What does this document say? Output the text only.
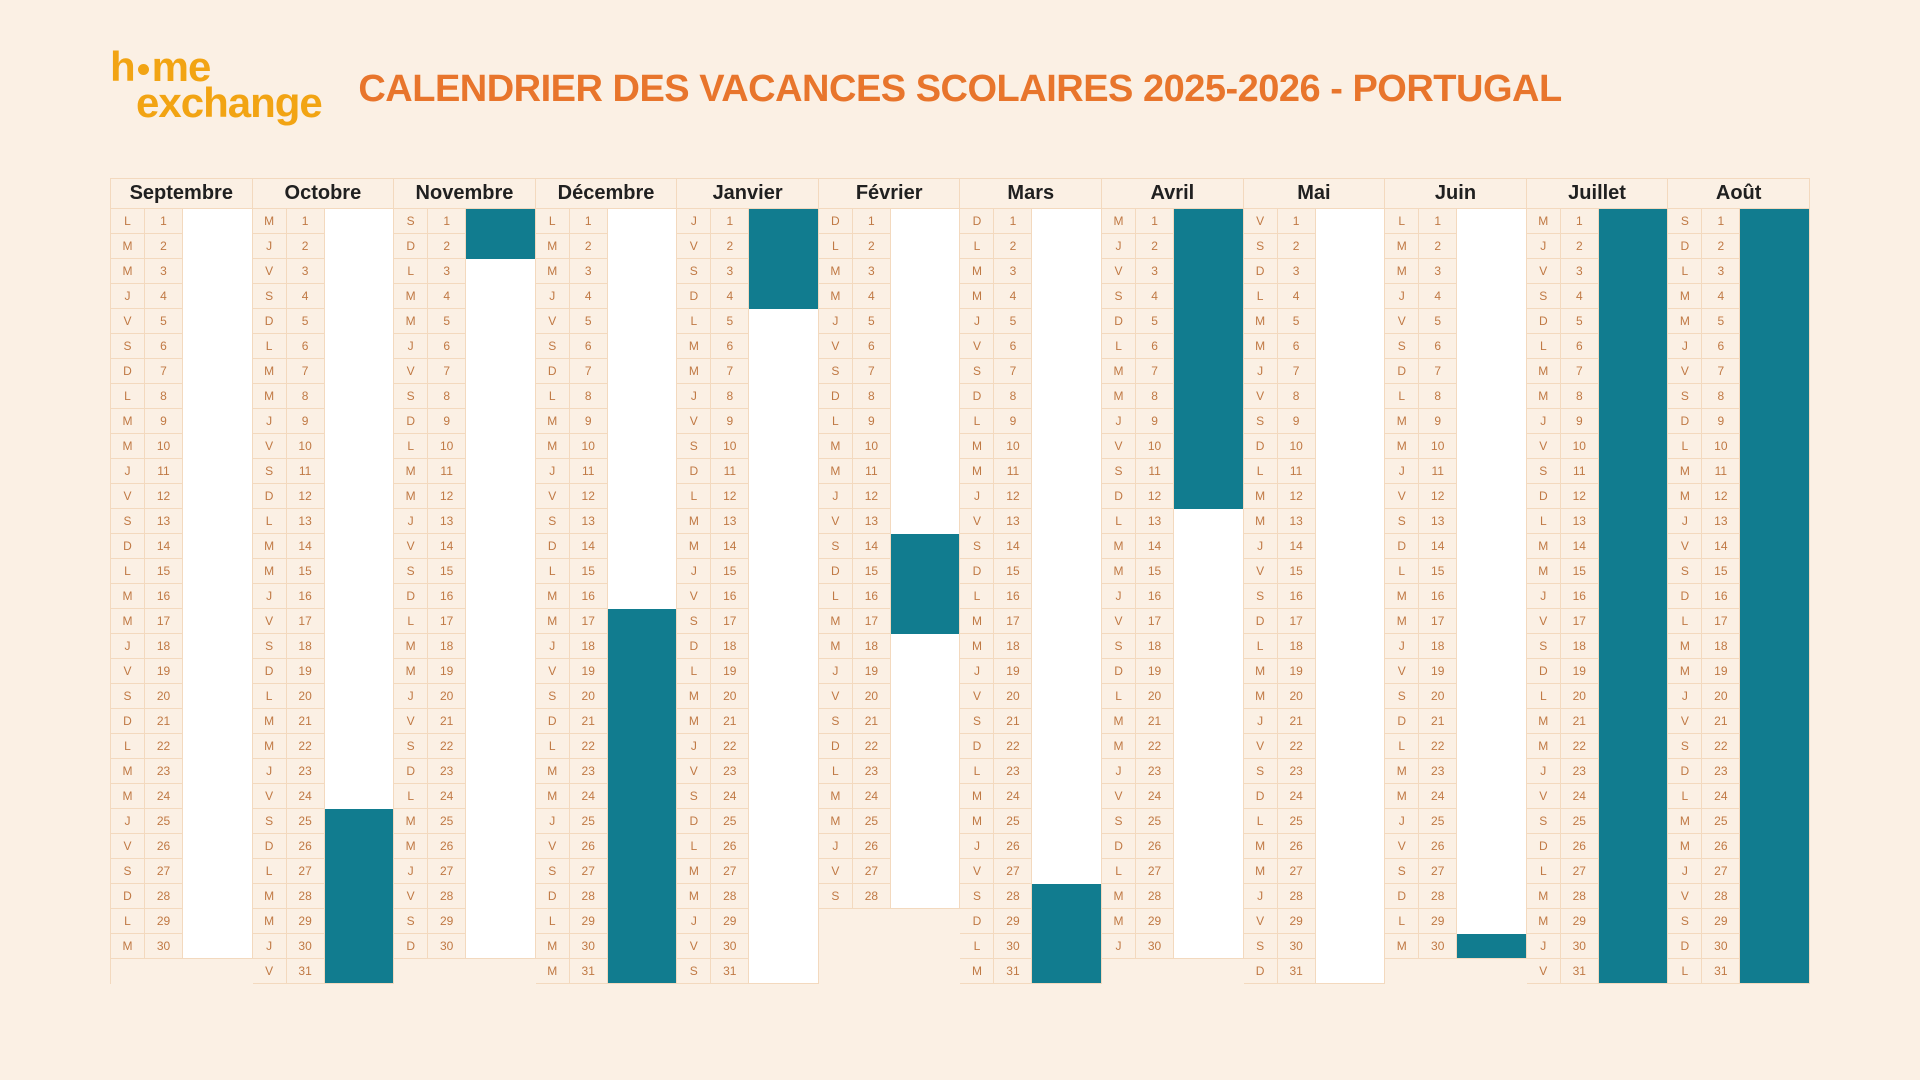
h me
exchange CALENDRIER DES VACANCES SCOLAIRES 2025-2026 - PORTUGAL
Septembre
L
M
M
J
V
S
D
L
M
M
J
V
S
D
L
M
M
J
V
S
D
L
M
M
J
V
S
D
L
M
1
2
3
4
5
6
7
8
9
10
11
12
13
14
15
16
17
18
19
20
21
22
23
24
25
26
27
28
29
30
Octobre
M
J
V
S
D
L
M
M
J
V
S
D
L
M
M
J
V
S
D
L
M
M
J
V
S
D
L
M
M
J
V
1
2
3
4
5
6
7
8
9
10
11
12
13
14
15
16
17
18
19
20
21
22
23
24
25
26
27
28
29
30
31
Novembre
S
D
L
M
M
J
V
S
D
L
M
M
J
V
S
D
L
M
M
J
V
S
D
L
M
M
J
V
S
D
1
2
3
4
5
6
7
8
9
10
11
12
13
14
15
16
17
18
19
20
21
22
23
24
25
26
27
28
29
30
Décembre
L
M
M
J
V
S
D
L
M
M
J
V
S
D
L
M
M
J
V
S
D
L
M
M
J
V
S
D
L
M
M
1
2
3
4
5
6
7
8
9
10
11
12
13
14
15
16
17
18
19
20
21
22
23
24
25
26
27
28
29
30
31
Janvier
J
V
S
D
L
M
M
J
V
S
D
L
M
M
J
V
S
D
L
M
M
J
V
S
D
L
M
M
J
V
S
1
2
3
4
5
6
7
8
9
10
11
12
13
14
15
16
17
18
19
20
21
22
23
24
25
26
27
28
29
30
31
Février
D
L
M
M
J
V
S
D
L
M
M
J
V
S
D
L
M
M
J
V
S
D
L
M
M
J
V
S
1
2
3
4
5
6
7
8
9
10
11
12
13
14
15
16
17
18
19
20
21
22
23
24
25
26
27
28
Mars
D
L
M
M
J
V
S
D
L
M
M
J
V
S
D
L
M
M
J
V
S
D
L
M
M
J
V
S
D
L
M
1
2
3
4
5
6
7
8
9
10
11
12
13
14
15
16
17
18
19
20
21
22
23
24
25
26
27
28
29
30
31
Avril
M
J
V
S
D
L
M
M
J
V
S
D
L
M
M
J
V
S
D
L
M
M
J
V
S
D
L
M
M
J
1
2
3
4
5
6
7
8
9
10
11
12
13
14
15
16
17
18
19
20
21
22
23
24
25
26
27
28
29
30
Mai
V
S
D
L
M
M
J
V
S
D
L
M
M
J
V
S
D
L
M
M
J
V
S
D
L
M
M
J
V
S
D
1
2
3
4
5
6
7
8
9
10
11
12
13
14
15
16
17
18
19
20
21
22
23
24
25
26
27
28
29
30
31
Juin
L
M
M
J
V
S
D
L
M
M
J
V
S
D
L
M
M
J
V
S
D
L
M
M
J
V
S
D
L
M
1
2
3
4
5
6
7
8
9
10
11
12
13
14
15
16
17
18
19
20
21
22
23
24
25
26
27
28
29
30
Juillet
M
J
V
S
D
L
M
M
J
V
S
D
L
M
M
J
V
S
D
L
M
M
J
V
S
D
L
M
M
J
V
1
2
3
4
5
6
7
8
9
10
11
12
13
14
15
16
17
18
19
20
21
22
23
24
25
26
27
28
29
30
31
Août
S
D
L
M
M
J
V
S
D
L
M
M
J
V
S
D
L
M
M
J
V
S
D
L
M
M
J
V
S
D
L
1
2
3
4
5
6
7
8
9
10
11
12
13
14
15
16
17
18
19
20
21
22
23
24
25
26
27
28
29
30
31
